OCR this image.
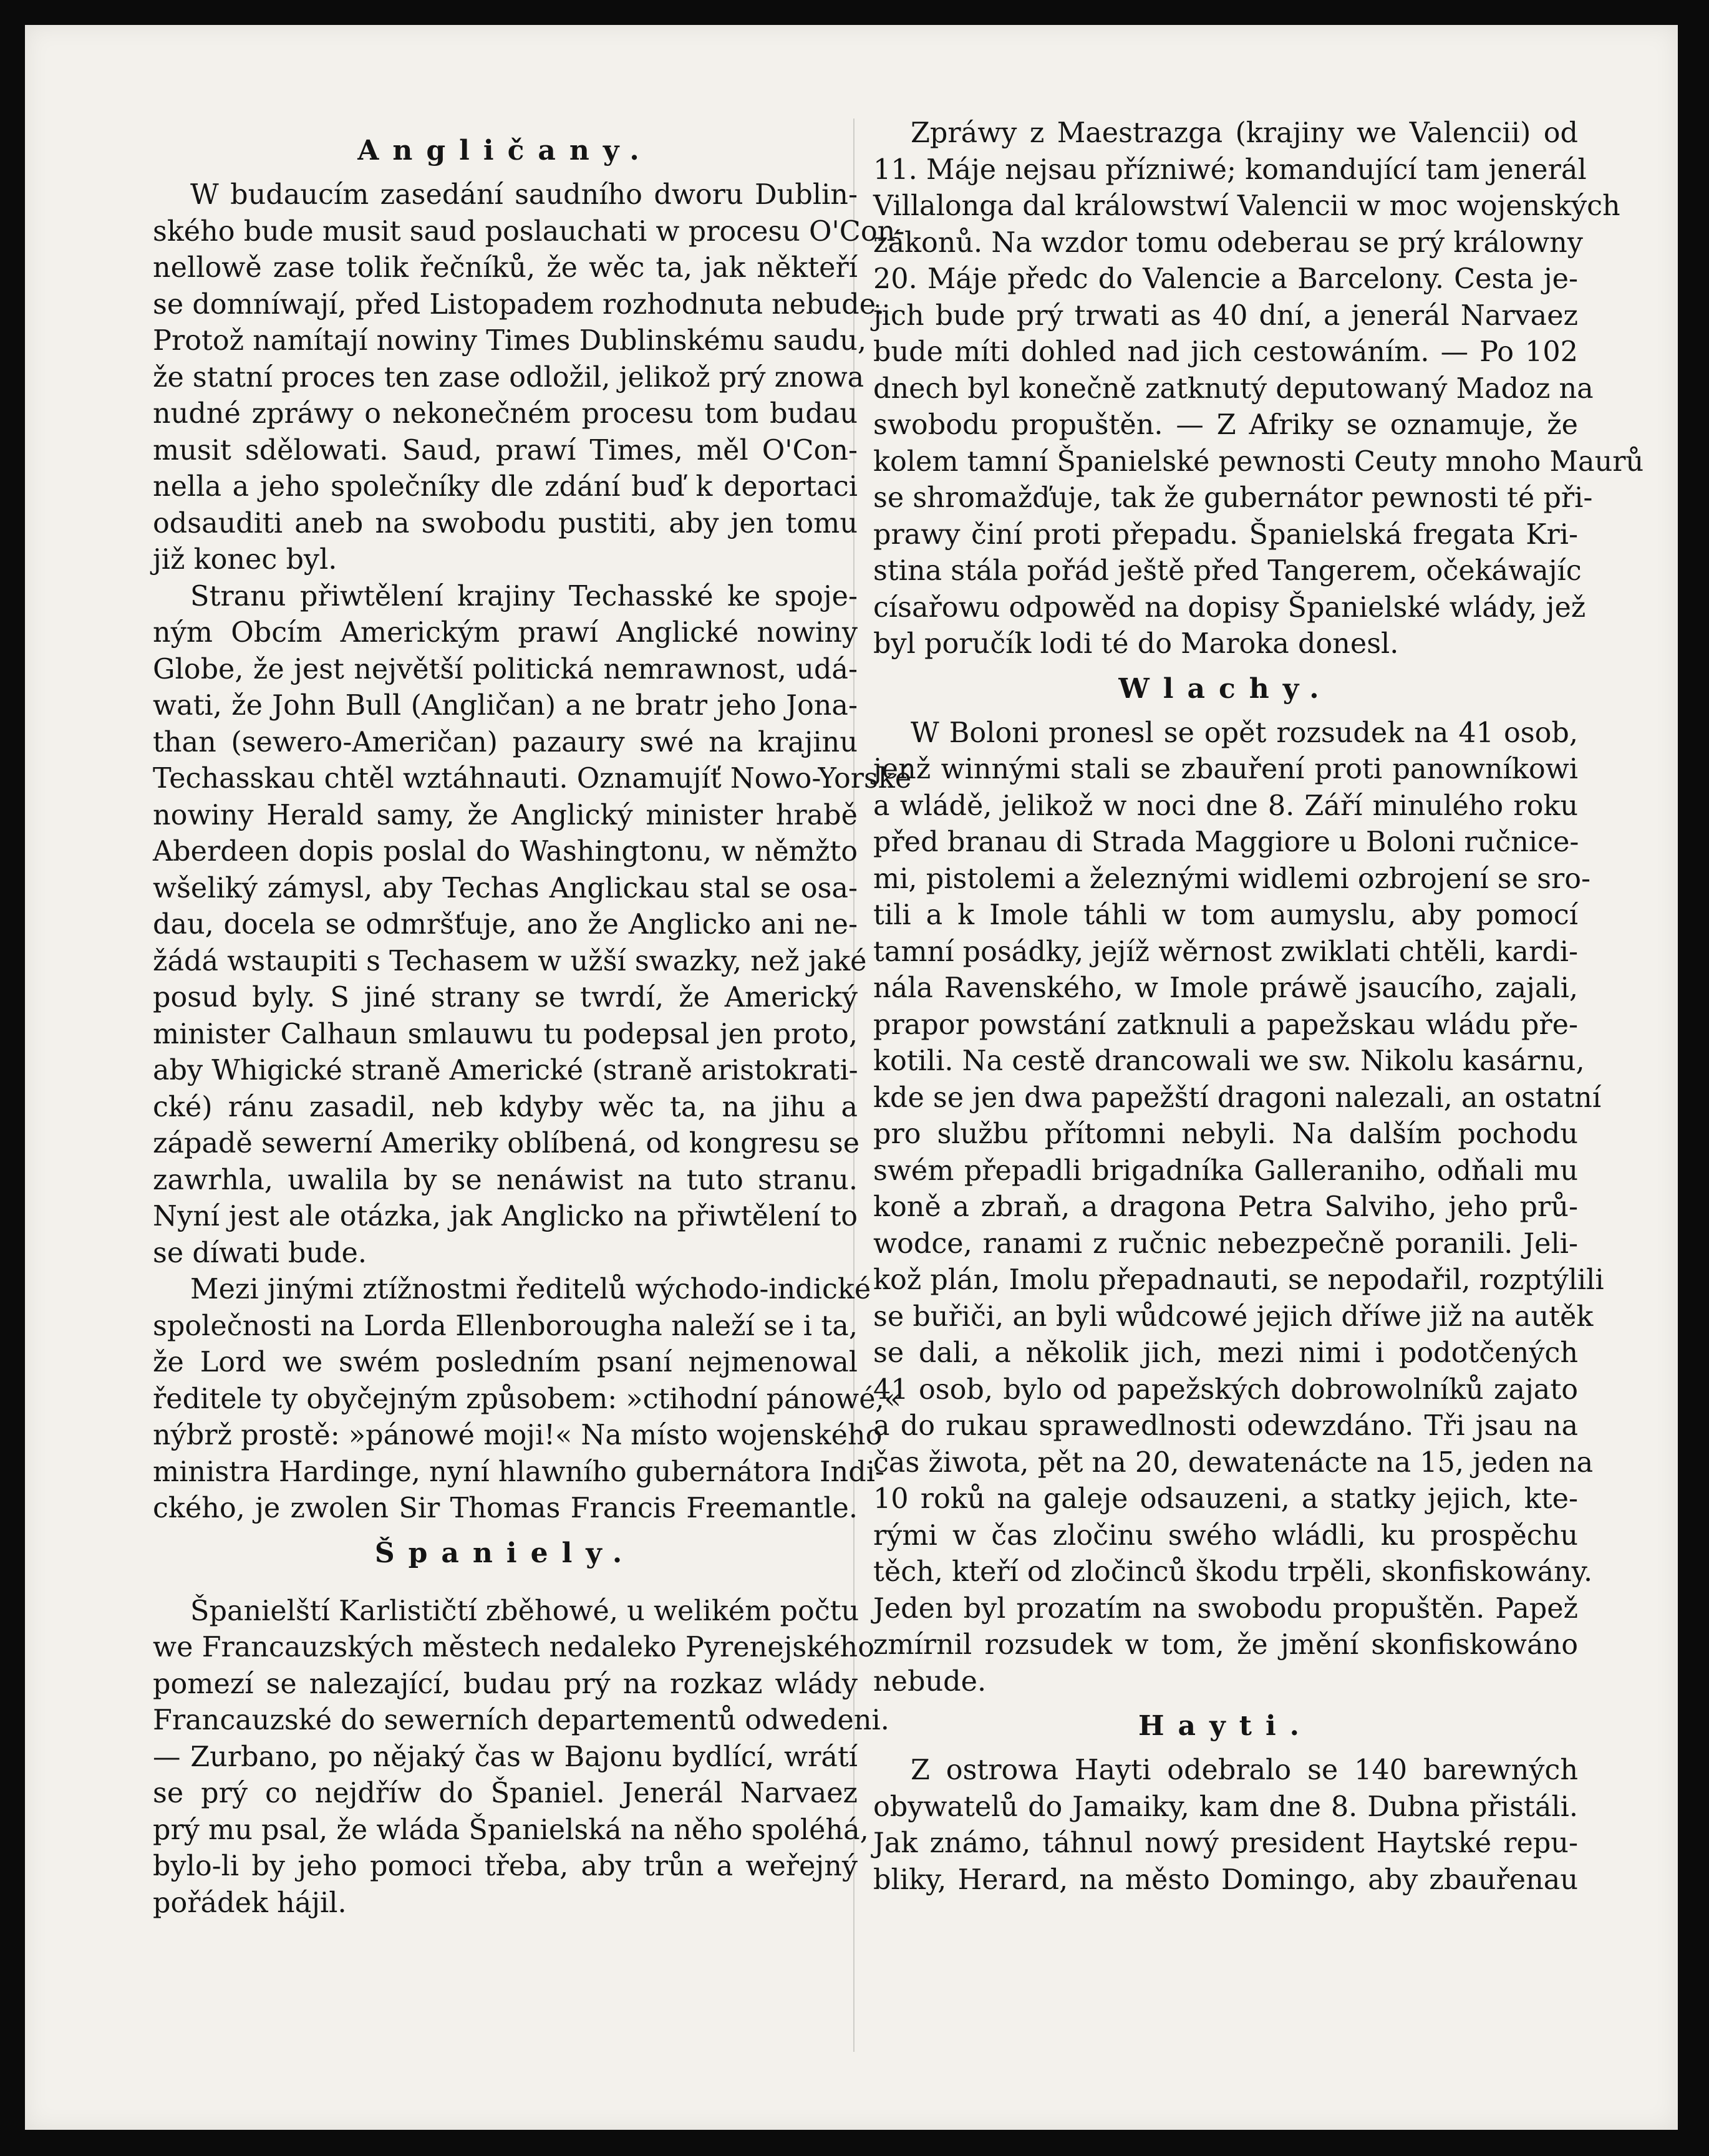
Angličany.
W budaucím zasedání saudního dworu Dublin-
ského bude musit saud poslauchati w procesu O'Con-
nellowě zase tolik řečníků, že wěc ta, jak někteří
se domníwají, před Listopadem rozhodnuta nebude.
Protož namítají nowiny Times Dublinskému saudu,
že statní proces ten zase odložil, jelikož prý znowa
nudné zpráwy o nekonečném procesu tom budau
musit sdělowati. Saud, prawí Times, měl O'Con-
nella a jeho společníky dle zdání buď k deportaci
odsauditi aneb na swobodu pustiti, aby jen tomu
již konec byl.
Stranu přiwtělení krajiny Techasské ke spoje-
ným Obcím Americkým prawí Anglické nowiny
Globe, že jest největší politická nemrawnost, udá-
wati, že John Bull (Angličan) a ne bratr jeho Jona-
than (sewero-Američan) pazaury swé na krajinu
Techasskau chtěl wztáhnauti. Oznamujíť Nowo-Yorské
nowiny Herald samy, že Anglický minister hrabě
Aberdeen dopis poslal do Washingtonu, w němžto
wšeliký zámysl, aby Techas Anglickau stal se osa-
dau, docela se odmršťuje, ano že Anglicko ani ne-
žádá wstaupiti s Techasem w užší swazky, než jaké
posud byly. S jiné strany se twrdí, že Americký
minister Calhaun smlauwu tu podepsal jen proto,
aby Whigické straně Americké (straně aristokrati-
cké) ránu zasadil, neb kdyby wěc ta, na jihu a
západě sewerní Ameriky oblíbená, od kongresu se
zawrhla, uwalila by se nenáwist na tuto stranu.
Nyní jest ale otázka, jak Anglicko na přiwtělení to
se díwati bude.
Mezi jinými ztížnostmi ředitelů wýchodo-indické
společnosti na Lorda Ellenborougha naleží se i ta,
že Lord we swém posledním psaní nejmenowal
ředitele ty obyčejným způsobem: »ctihodní pánowé,«
nýbrž prostě: »pánowé moji!« Na místo wojenského
ministra Hardinge, nyní hlawního gubernátora Indi-
ckého, je zwolen Sir Thomas Francis Freemantle.
Španiely.
Španielští Karlističtí zběhowé, u welikém počtu
we Francauzských městech nedaleko Pyrenejského
pomezí se nalezající, budau prý na rozkaz wlády
Francauzské do sewerních departementů odwedeni.
— Zurbano, po nějaký čas w Bajonu bydlící, wrátí
se prý co nejdříw do Španiel. Jenerál Narvaez
prý mu psal, že wláda Španielská na něho spoléhá,
bylo-li by jeho pomoci třeba, aby trůn a weřejný
pořádek hájil.
Zpráwy z Maestrazga (krajiny we Valencii) od
11. Máje nejsau přízniwé; komandující tam jenerál
Villalonga dal králowstwí Valencii w moc wojenských
zákonů. Na wzdor tomu odeberau se prý králowny
20. Máje předc do Valencie a Barcelony. Cesta je-
jich bude prý trwati as 40 dní, a jenerál Narvaez
bude míti dohled nad jich cestowáním. — Po 102
dnech byl konečně zatknutý deputowaný Madoz na
swobodu propuštěn. — Z Afriky se oznamuje, že
kolem tamní Španielské pewnosti Ceuty mnoho Maurů
se shromažďuje, tak že gubernátor pewnosti té při-
prawy činí proti přepadu. Španielská fregata Kri-
stina stála pořád ještě před Tangerem, očekáwajíc
císařowu odpowěd na dopisy Španielské wlády, jež
byl poručík lodi té do Maroka donesl.
Wlachy.
W Boloni pronesl se opět rozsudek na 41 osob,
jenž winnými stali se zbauření proti panowníkowi
a wládě, jelikož w noci dne 8. Září minulého roku
před branau di Strada Maggiore u Boloni ručnice-
mi, pistolemi a železnými widlemi ozbrojení se sro-
tili a k Imole táhli w tom aumyslu, aby pomocí
tamní posádky, jejíž wěrnost zwiklati chtěli, kardi-
nála Ravenského, w Imole práwě jsaucího, zajali,
prapor powstání zatknuli a papežskau wládu pře-
kotili. Na cestě drancowali we sw. Nikolu kasárnu,
kde se jen dwa papežští dragoni nalezali, an ostatní
pro službu přítomni nebyli. Na dalším pochodu
swém přepadli brigadníka Galleraniho, odňali mu
koně a zbraň, a dragona Petra Salviho, jeho prů-
wodce, ranami z ručnic nebezpečně poranili. Jeli-
kož plán, Imolu přepadnauti, se nepodařil, rozptýlili
se buřiči, an byli wůdcowé jejich dříwe již na autěk
se dali, a několik jich, mezi nimi i podotčených
41 osob, bylo od papežských dobrowolníků zajato
a do rukau sprawedlnosti odewzdáno. Tři jsau na
čas žiwota, pět na 20, dewatenácte na 15, jeden na
10 roků na galeje odsauzeni, a statky jejich, kte-
rými w čas zločinu swého wládli, ku prospěchu
těch, kteří od zločinců škodu trpěli, skonfiskowány.
Jeden byl prozatím na swobodu propuštěn. Papež
zmírnil rozsudek w tom, že jmění skonfiskowáno
nebude.
Hayti.
Z ostrowa Hayti odebralo se 140 barewných
obywatelů do Jamaiky, kam dne 8. Dubna přistáli.
Jak známo, táhnul nowý president Haytské repu-
bliky, Herard, na město Domingo, aby zbauřenau
